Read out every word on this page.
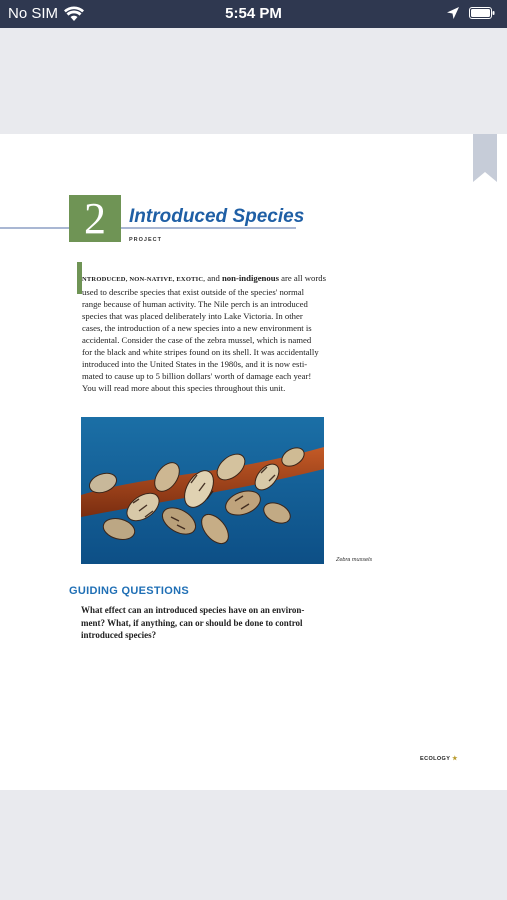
No SIM	5:54 PM
2	Introduced Species
PROJECT
NTRODUCED, NON-NATIVE, EXOTIC, and non-indigenous are all words
used to describe species that exist outside of the species' normal
range because of human activity. The Nile perch is an introduced
species that was placed deliberately into Lake Victoria. In other
cases, the introduction of a new species into a new environment is
accidental. Consider the case of the zebra mussel, which is named
for the black and white stripes found on its shell. It was accidentally
introduced into the United States in the 1980s, and it is now esti-
mated to cause up to 5 billion dollars' worth of damage each year!
You will read more about this species throughout this unit.
Zebra mussels
GUIDING QUESTIONS
What effect can an introduced species have on an environ-
ment? What, if anything, can or should be done to control
introduced species?
ECOLOGY ★
